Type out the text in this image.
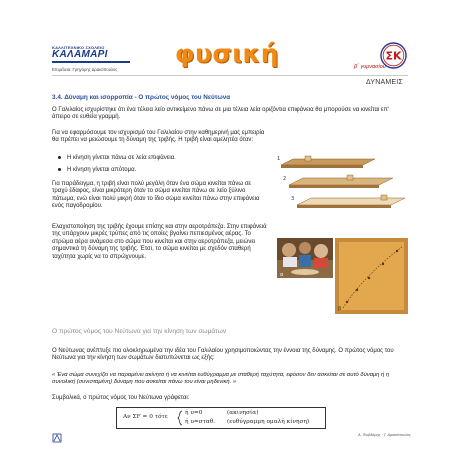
ΚΑΛΛΙΤΕΧΝΙΚΟ ΣΧΟΛΕΙΟ
ΚΑΛΑΜΑΡΙ
Επιμέλεια: Γρηγόρης Δρακόπουλος
φυσική	β΄ γυμνασίου
ΣΚ
ΔΥΝΑΜΕΙΣ
3.4. Δύναμη και ισορροπία - Ο πρώτος νόμος του Νεύτωνα
Ο Γαλιλαίος ισχυρίστηκε ότι ένα τέλεια λείο αντικείμενο πάνω σε μια τέλεια λεία οριζόντια επιφάνεια θα μπορούσε να κινείται επ' άπειρο σε ευθεία γραμμή.
Για να εφαρμόσουμε τον ισχυρισμό του Γαλιλαίου στην καθημερινή μας εμπειρία θα πρέπει να μειώσουμε τη δύναμη της τριβής. Η τριβή είναι αμελητέα όταν:
Η κίνηση γίνεται πάνω σε λεία επιφάνεια.
Η κίνηση γίνεται απότομα.
Για παράδειγμα, η τριβή είναι πολύ μεγάλη όταν ένα σώμα κινείται πάνω σε τραχύ έδαφος, είναι μικρότερη όταν το σώμα κινείται πάνω σε λείο ξύλινο πάτωμα, ενώ είναι πολύ μικρή όταν το ίδιο σώμα κινείται πάνω στην επιφάνεια ενός παγοδρομίου.
Ελαχιστοποίηση της τριβής έχουμε επίσης και στην αεροτράπεζα. Στην επιφάνειά της υπάρχουν μικρές τρύπες από τις οποίες βγαίνει πεπιεσμένος αέρας. Το στρώμα αέρα ανάμεσα στο σώμα που κινείται και στην αεροτράπεζα, μειώνει σημαντικά τη δύναμη της τριβής. Έτσι, το σώμα κινείται με σχεδόν σταθερή ταχύτητα χωρίς να το σπρώχνουμε.
Ο πρώτος νόμος του Νεύτωνα για την κίνηση των σωμάτων
Ο Νεύτωνας ανέπτυξε πιο ολοκληρωμένα την ιδέα του Γαλιλαίου χρησιμοποιώντας την έννοια της δύναμης. Ο πρώτος νόμος του Νεύτωνα για την κίνηση των σωμάτων διατυπώνεται ως εξής:
« Ένα σώμα συνεχίζει να παραμένει ακίνητο ή να κινείται ευθύγραμμα με σταθερή ταχύτητα, εφόσον δεν ασκείται σε αυτό δύναμη ή η συνολική (συνισταμένη) δύναμη που ασκείται πάνω του είναι μηδενική. »
Συμβολικά, ο πρώτος νόμος του Νεύτωνα γράφεται:
1
2
3
α
β
Αν ΣF = 0 τότε
ή υ=0	(ακινησία)
ή υ=σταθ. (ευθύγραμμη ομαλή κίνηση)
Α. Φυβδάρης · Γ. Δρακόπουλος
